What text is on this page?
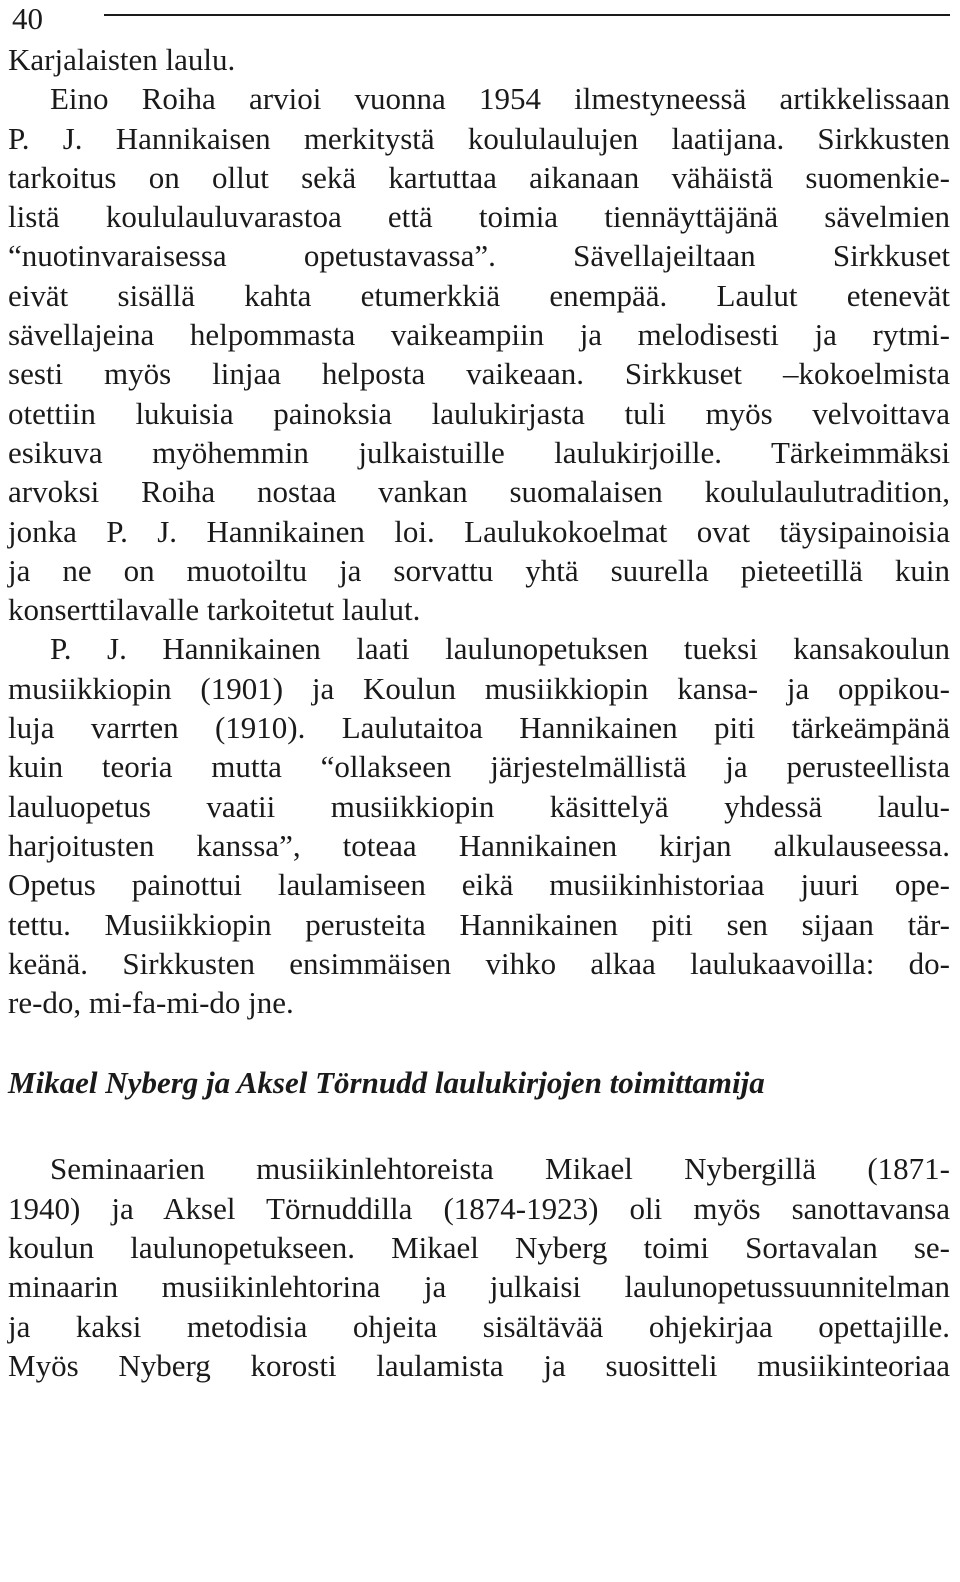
40
Karjalaisten laulu.

Eino Roiha arvioi vuonna 1954 ilmestyneessä artikkelissaan
P. J. Hannikaisen merkitystä koululaulujen laatijana. Sirkkusten
tarkoitus on ollut sekä kartuttaa aikanaan vähäistä suomenkie-
listä koululauluvarastoa että toimia tiennäyttäjänä sävelmien
“nuotinvaraisessa opetustavassa”. Sävellajeiltaan Sirkkuset
eivät sisällä kahta etumerkkiä enempää. Laulut etenevät
sävellajeina helpommasta vaikeampiin ja melodisesti ja rytmi-
sesti myös linjaa helposta vaikeaan. Sirkkuset –kokoelmista
otettiin lukuisia painoksia laulukirjasta tuli myös velvoittava
esikuva myöhemmin julkaistuille laulukirjoille. Tärkeimmäksi
arvoksi Roiha nostaa vankan suomalaisen koululaulutradition,
jonka P. J. Hannikainen loi. Laulukokoelmat ovat täysipainoisia
ja ne on muotoiltu ja sorvattu yhtä suurella pieteetillä kuin
konserttilavalle tarkoitetut laulut.

P. J. Hannikainen laati laulunopetuksen tueksi kansakoulun
musiikkiopin (1901) ja Koulun musiikkiopin kansa- ja oppikou-
luja varrten (1910). Laulutaitoa Hannikainen piti tärkeämpänä
kuin teoria mutta “ollakseen järjestelmällistä ja perusteellista
lauluopetus vaatii musiikkiopin käsittelyä yhdessä laulu-
harjoitusten kanssa”, toteaa Hannikainen kirjan alkulauseessa.
Opetus painottui laulamiseen eikä musiikinhistoriaa juuri ope-
tettu. Musiikkiopin perusteita Hannikainen piti sen sijaan tär-
keänä. Sirkkusten ensimmäisen vihko alkaa laulukaavoilla: do-
re-do, mi-fa-mi-do jne.

Mikael Nyberg ja Aksel Törnudd laulukirjojen toimittamija

Seminaarien musiikinlehtoreista Mikael Nybergillä (1871-
1940) ja Aksel Törnuddilla (1874-1923) oli myös sanottavansa
koulun laulunopetukseen. Mikael Nyberg toimi Sortavalan se-
minaarin musiikinlehtorina ja julkaisi laulunopetussuunnitelman
ja kaksi metodisia ohjeita sisältävää ohjekirjaa opettajille.
Myös Nyberg korosti laulamista ja suositteli musiikinteoriaa
